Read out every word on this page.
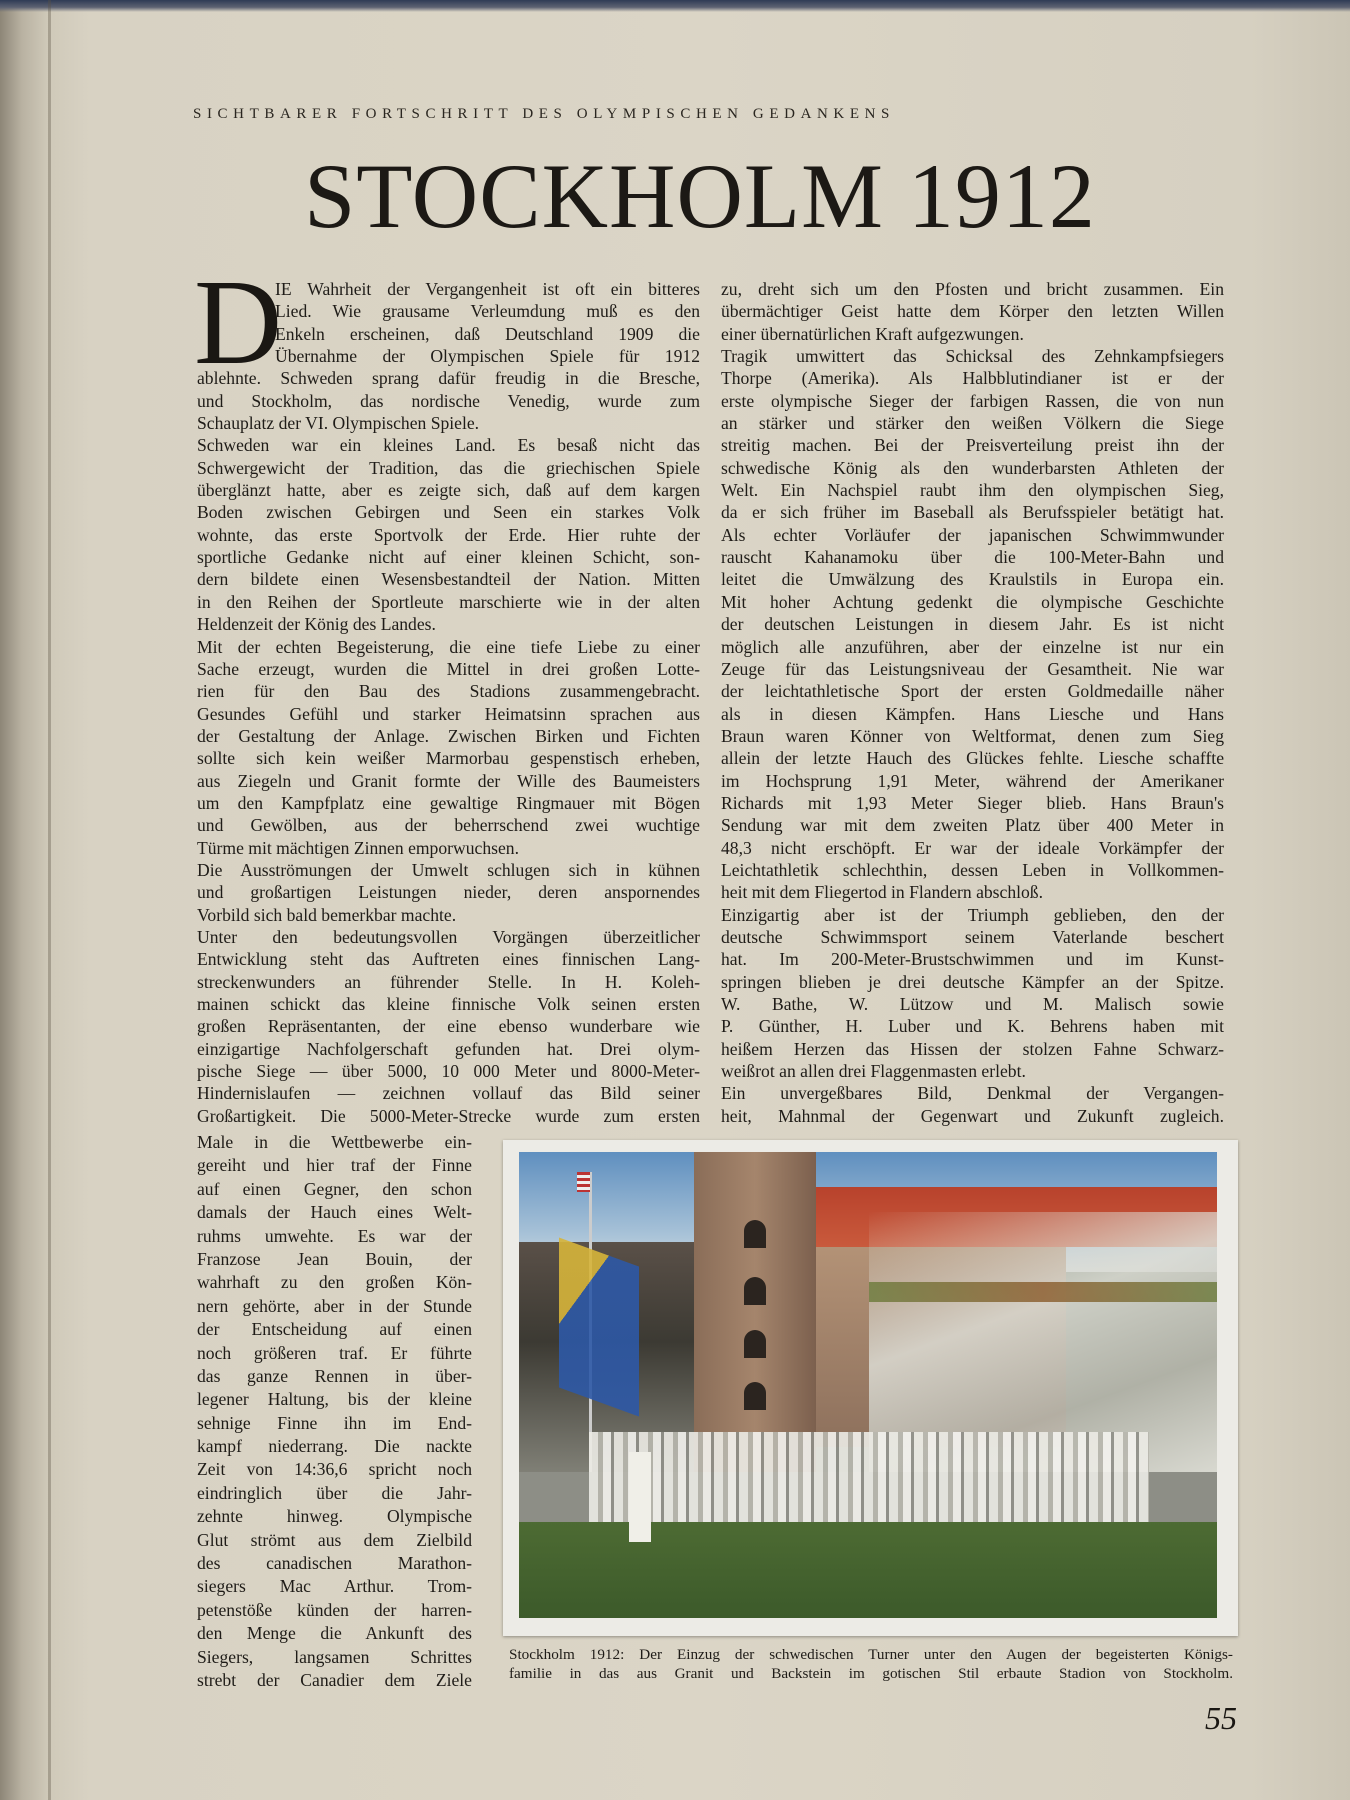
SICHTBARER FORTSCHRITT DES OLYMPISCHEN GEDANKENS
STOCKHOLM 1912
D
IE Wahrheit der Vergangenheit ist oft ein bitteres
Lied. Wie grausame Verleumdung muß es den
Enkeln erscheinen, daß Deutschland 1909 die
Übernahme der Olympischen Spiele für 1912
ablehnte. Schweden sprang dafür freudig in die Bresche,
und Stockholm, das nordische Venedig, wurde zum
Schauplatz der VI. Olympischen Spiele.
Schweden war ein kleines Land. Es besaß nicht das
Schwergewicht der Tradition, das die griechischen Spiele
überglänzt hatte, aber es zeigte sich, daß auf dem kargen
Boden zwischen Gebirgen und Seen ein starkes Volk
wohnte, das erste Sportvolk der Erde. Hier ruhte der
sportliche Gedanke nicht auf einer kleinen Schicht, son-
dern bildete einen Wesensbestandteil der Nation. Mitten
in den Reihen der Sportleute marschierte wie in der alten
Heldenzeit der König des Landes.
Mit der echten Begeisterung, die eine tiefe Liebe zu einer
Sache erzeugt, wurden die Mittel in drei großen Lotte-
rien für den Bau des Stadions zusammengebracht.
Gesundes Gefühl und starker Heimatsinn sprachen aus
der Gestaltung der Anlage. Zwischen Birken und Fichten
sollte sich kein weißer Marmorbau gespenstisch erheben,
aus Ziegeln und Granit formte der Wille des Baumeisters
um den Kampfplatz eine gewaltige Ringmauer mit Bögen
und Gewölben, aus der beherrschend zwei wuchtige
Türme mit mächtigen Zinnen emporwuchsen.
Die Ausströmungen der Umwelt schlugen sich in kühnen
und großartigen Leistungen nieder, deren anspornendes
Vorbild sich bald bemerkbar machte.
Unter den bedeutungsvollen Vorgängen überzeitlicher
Entwicklung steht das Auftreten eines finnischen Lang-
streckenwunders an führender Stelle. In H. Koleh-
mainen schickt das kleine finnische Volk seinen ersten
großen Repräsentanten, der eine ebenso wunderbare wie
einzigartige Nachfolgerschaft gefunden hat. Drei olym-
pische Siege — über 5000, 10 000 Meter und 8000-Meter-
Hindernislaufen — zeichnen vollauf das Bild seiner
Großartigkeit. Die 5000-Meter-Strecke wurde zum ersten
Male in die Wettbewerbe ein-
gereiht und hier traf der Finne
auf einen Gegner, den schon
damals der Hauch eines Welt-
ruhms umwehte. Es war der
Franzose Jean Bouin, der
wahrhaft zu den großen Kön-
nern gehörte, aber in der Stunde
der Entscheidung auf einen
noch größeren traf. Er führte
das ganze Rennen in über-
legener Haltung, bis der kleine
sehnige Finne ihn im End-
kampf niederrang. Die nackte
Zeit von 14:36,6 spricht noch
eindringlich über die Jahr-
zehnte hinweg. Olympische
Glut strömt aus dem Zielbild
des canadischen Marathon-
siegers Mac Arthur. Trom-
petenstöße künden der harren-
den Menge die Ankunft des
Siegers, langsamen Schrittes
strebt der Canadier dem Ziele
zu, dreht sich um den Pfosten und bricht zusammen. Ein
übermächtiger Geist hatte dem Körper den letzten Willen
einer übernatürlichen Kraft aufgezwungen.
Tragik umwittert das Schicksal des Zehnkampfsiegers
Thorpe (Amerika). Als Halbblutindianer ist er der
erste olympische Sieger der farbigen Rassen, die von nun
an stärker und stärker den weißen Völkern die Siege
streitig machen. Bei der Preisverteilung preist ihn der
schwedische König als den wunderbarsten Athleten der
Welt. Ein Nachspiel raubt ihm den olympischen Sieg,
da er sich früher im Baseball als Berufsspieler betätigt hat.
Als echter Vorläufer der japanischen Schwimmwunder
rauscht Kahanamoku über die 100-Meter-Bahn und
leitet die Umwälzung des Kraulstils in Europa ein.
Mit hoher Achtung gedenkt die olympische Geschichte
der deutschen Leistungen in diesem Jahr. Es ist nicht
möglich alle anzuführen, aber der einzelne ist nur ein
Zeuge für das Leistungsniveau der Gesamtheit. Nie war
der leichtathletische Sport der ersten Goldmedaille näher
als in diesen Kämpfen. Hans Liesche und Hans
Braun waren Könner von Weltformat, denen zum Sieg
allein der letzte Hauch des Glückes fehlte. Liesche schaffte
im Hochsprung 1,91 Meter, während der Amerikaner
Richards mit 1,93 Meter Sieger blieb. Hans Braun's
Sendung war mit dem zweiten Platz über 400 Meter in
48,3 nicht erschöpft. Er war der ideale Vorkämpfer der
Leichtathletik schlechthin, dessen Leben in Vollkommen-
heit mit dem Fliegertod in Flandern abschloß.
Einzigartig aber ist der Triumph geblieben, den der
deutsche Schwimmsport seinem Vaterlande beschert
hat. Im 200-Meter-Brustschwimmen und im Kunst-
springen blieben je drei deutsche Kämpfer an der Spitze.
W. Bathe, W. Lützow und M. Malisch sowie
P. Günther, H. Luber und K. Behrens haben mit
heißem Herzen das Hissen der stolzen Fahne Schwarz-
weißrot an allen drei Flaggenmasten erlebt.
Ein unvergeßbares Bild, Denkmal der Vergangen-
heit, Mahnmal der Gegenwart und Zukunft zugleich.
Stockholm 1912: Der Einzug der schwedischen Turner unter den Augen der begeisterten Königs-
familie in das aus Granit und Backstein im gotischen Stil erbaute Stadion von Stockholm.
55
